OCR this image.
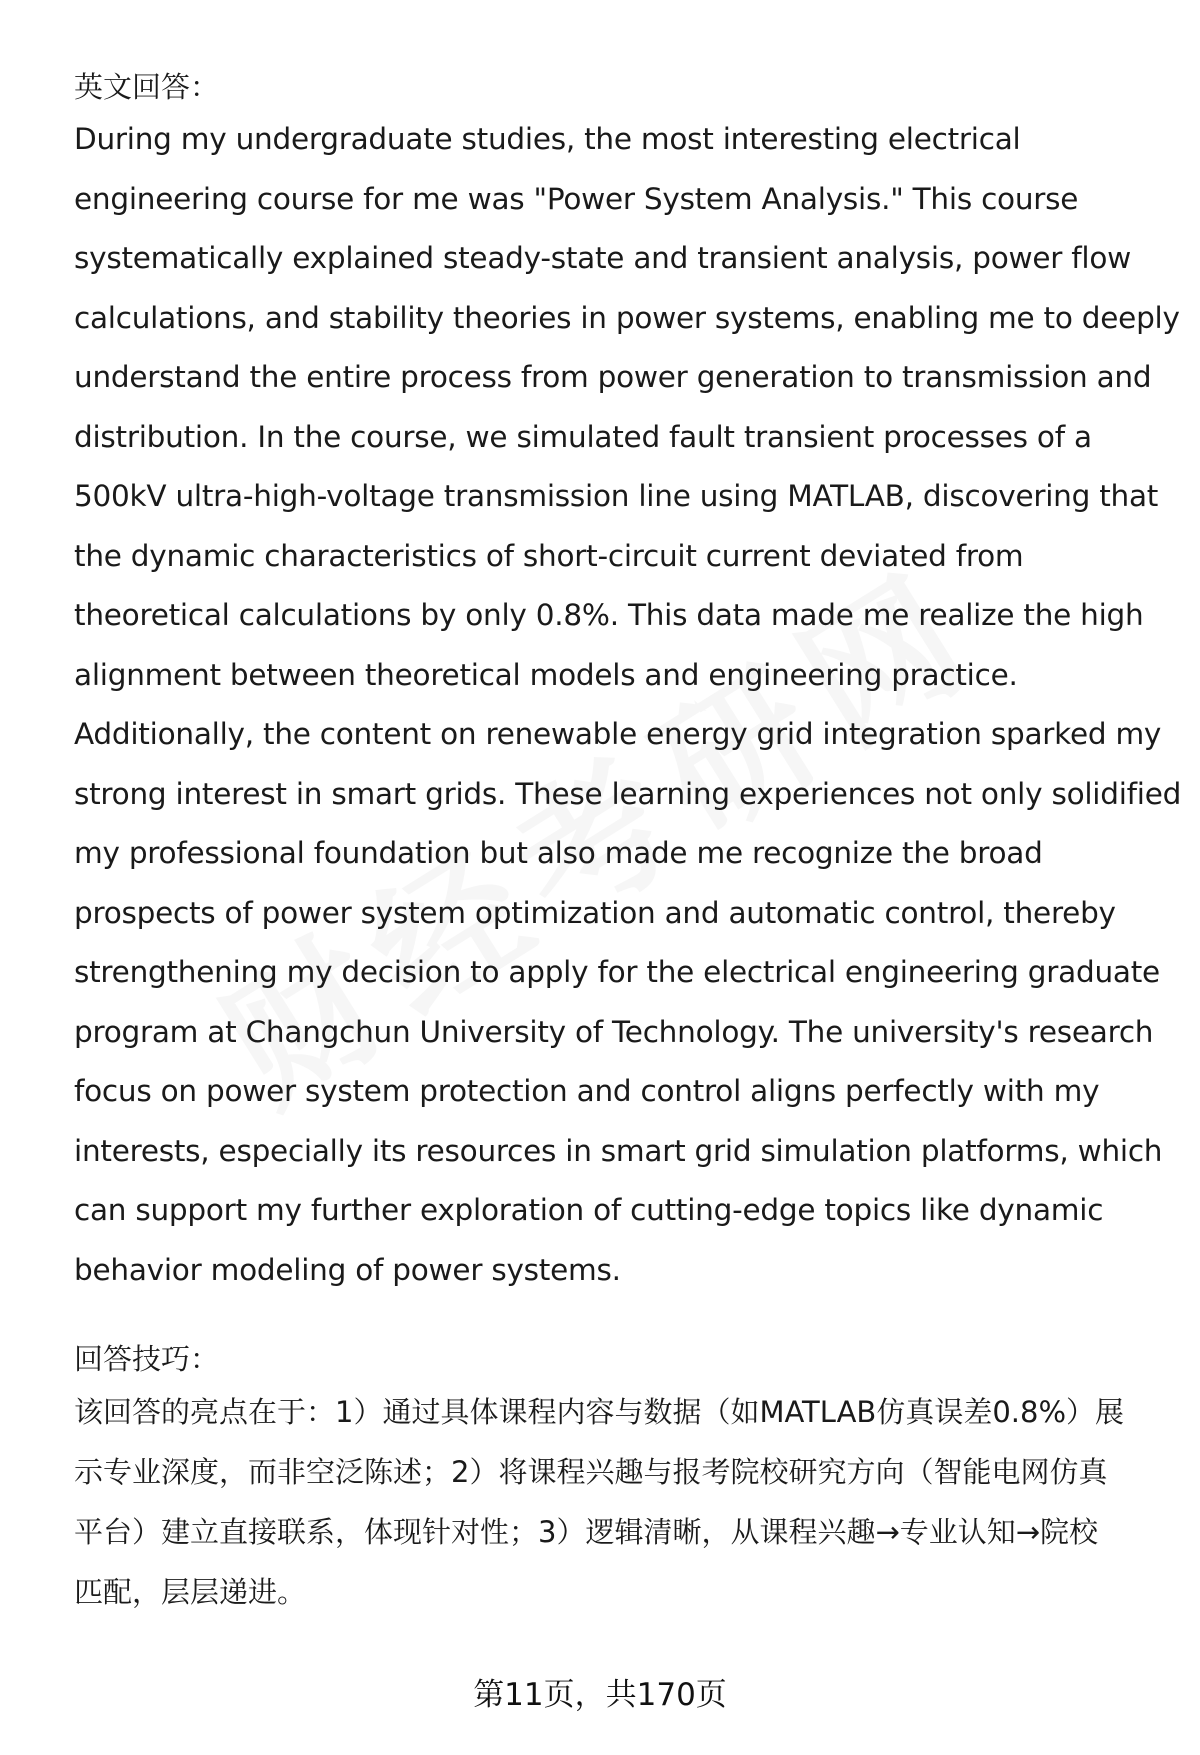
英文回答：

During my undergraduate studies, the most interesting electrical
engineering course for me was "Power System Analysis." This course
systematically explained steady-state and transient analysis, power flow
calculations, and stability theories in power systems, enabling me to deeply
understand the entire process from power generation to transmission and
distribution. In the course, we simulated fault transient processes of a
500kV ultra-high-voltage transmission line using MATLAB, discovering that
the dynamic characteristics of short-circuit current deviated from
theoretical calculations by only 0.8%. This data made me realize the high
alignment between theoretical models and engineering practice.
Additionally, the content on renewable energy grid integration sparked my
strong interest in smart grids. These learning experiences not only solidified
my professional foundation but also made me recognize the broad
prospects of power system optimization and automatic control, thereby
strengthening my decision to apply for the electrical engineering graduate
program at Changchun University of Technology. The university's research
focus on power system protection and control aligns perfectly with my
interests, especially its resources in smart grid simulation platforms, which
can support my further exploration of cutting-edge topics like dynamic
behavior modeling of power systems.

回答技巧：

该回答的亮点在于：1）通过具体课程内容与数据（如MATLAB仿真误差0.8%）展
示专业深度，而非空泛陈述；2）将课程兴趣与报考院校研究方向（智能电网仿真
平台）建立直接联系，体现针对性；3）逻辑清晰，从课程兴趣→专业认知→院校
匹配，层层递进。
第11页，共170页
